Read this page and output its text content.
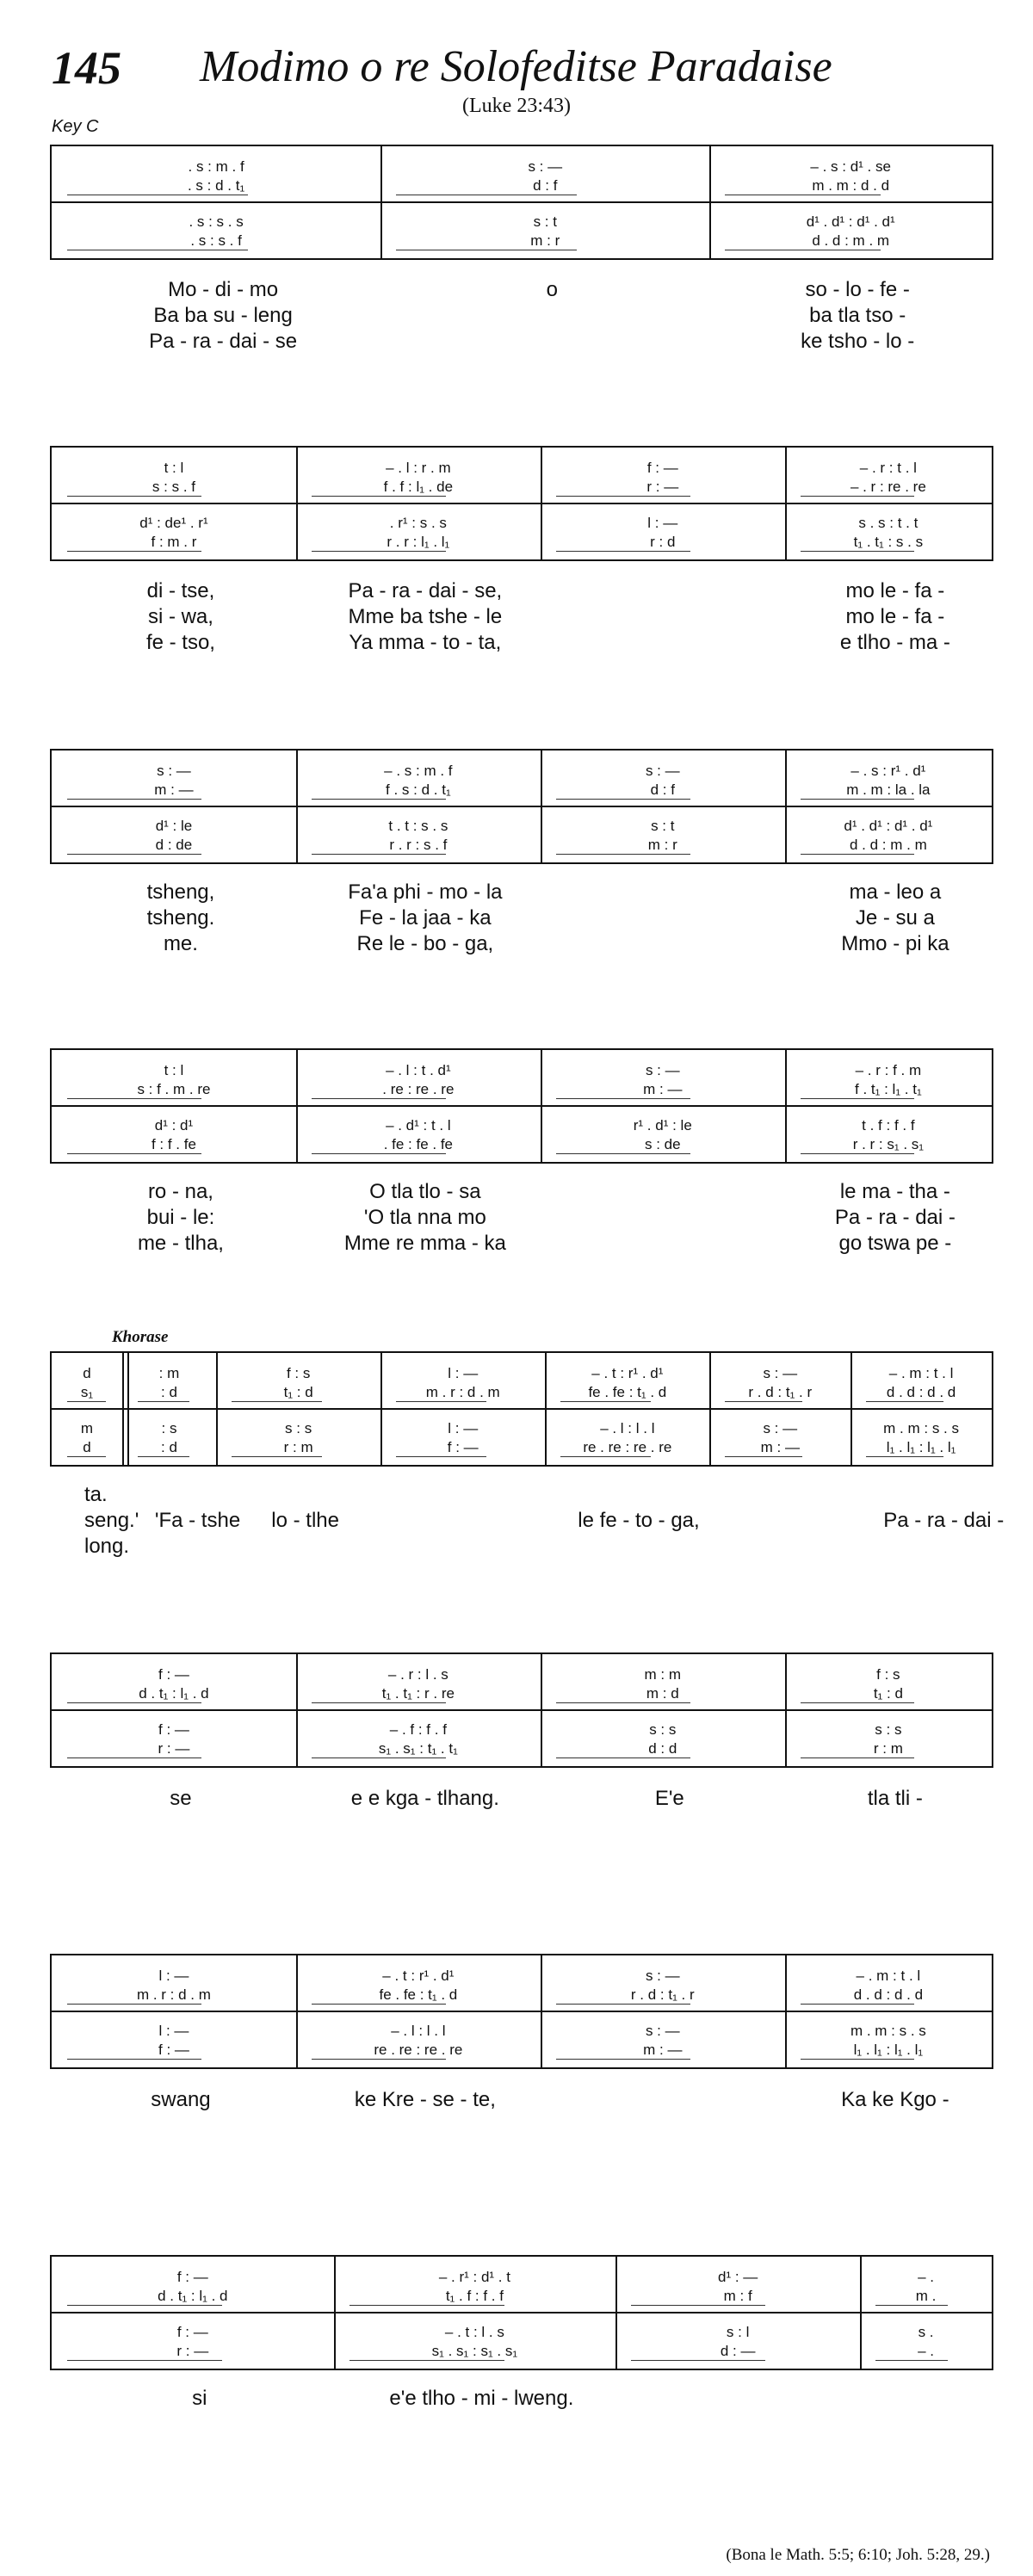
145 Modimo o re Solofeditse Paradaise
(Luke 23:43)
Key C
. s : m . f	s : —	– . s : d¹ . se
. s : d . t₁	d : f	m . m : d . d
. s : s . s	s : t	d¹ . d¹ : d¹ . d¹
. s : s . f	m : r	d . d : m . m
Mo - di - mo	o	so - lo - fe -
Ba ba su - leng	ba tla tso -
Pa - ra - dai - se	ke tsho - lo -
t : l	– . l : r . m	f : —	– . r : t . l
s : s . f	f . f : l₁ . de	r : —	– . r : re . re
d¹ : de¹ . r¹	. r¹ : s . s	l : —	s . s : t . t
f : m . r	r . r : l₁ . l₁	r : d	t₁ . t₁ : s . s
di - tse,	Pa - ra - dai - se,	mo le - fa -
si - wa,	Mme ba tshe - le	mo le - fa -
fe - tso,	Ya mma - to - ta,	e tlho - ma -
s : —	– . s : m . f	s : —	– . s : r¹ . d¹
m : —	f . s : d . t₁	d : f	m . m : la . la
d¹ : le	t . t : s . s	s : t	d¹ . d¹ : d¹ . d¹
d : de	r . r : s . f	m : r	d . d : m . m
tsheng,	Fa'a phi - mo - la	ma - leo a
tsheng.	Fe - la jaa - ka	Je - su a
me.	Re le - bo - ga,	Mmo - pi ka
t : l	– . l : t . d¹	s : —	– . r : f . m
s : f . m . re	. re : re . re	m : —	f . t₁ : l₁ . t₁
d¹ : d¹	– . d¹ : t . l	r¹ . d¹ : le	t . f : f . f
f : f . fe	. fe : fe . fe	s : de	r . r : s₁ . s₁
ro - na,	O tla tlo - sa	le ma - tha -
bui - le:	'O tla nna mo	Pa - ra - dai -
me - tlha,	Mme re mma - ka	go tswa pe -
Khorase
d	: m	f : s	l : —	– . t : r¹ . d¹	s : —	– . m : t . l
s₁	: d	t₁ : d	m . r : d . m	fe . fe : t₁ . d	r . d : t₁ . r	d . d : d . d
m	: s	s : s	l : —	– . l : l . l	s : —	m . m : s . s
d	: d	r : m	f : —	re . re : re . re	m : —	l₁ . l₁ : l₁ . l₁
ta.
seng.' 'Fa - tshe	lo - tlhe	le fe - to - ga,	Pa - ra - dai -
long.
f : —	– . r : l . s	m : m	f : s
d . t₁ : l₁ . d	t₁ . t₁ : r . re	m : d	t₁ : d
f : —	– . f : f . f	s : s	s : s
r : —	s₁ . s₁ : t₁ . t₁	d : d	r : m
se	e e kga - tlhang.	E'e	tla tli -
l : —	– . t : r¹ . d¹	s : —	– . m : t . l
m . r : d . m	fe . fe : t₁ . d	r . d : t₁ . r	d . d : d . d
l : —	– . l : l . l	s : —	m . m : s . s
f : —	re . re : re . re	m : —	l₁ . l₁ : l₁ . l₁
swang	ke Kre - se - te,	Ka ke Kgo -
f : —	– . r¹ : d¹ . t	d¹ : —	– .
d . t₁ : l₁ . d	t₁ . f : f . f	m : f	m .
f : —	– . t : l . s	s : l	s .
r : —	s₁ . s₁ : s₁ . s₁	d : —	– .
si	e'e tlho - mi - lweng.
(Bona le Math. 5:5; 6:10; Joh. 5:28, 29.)
